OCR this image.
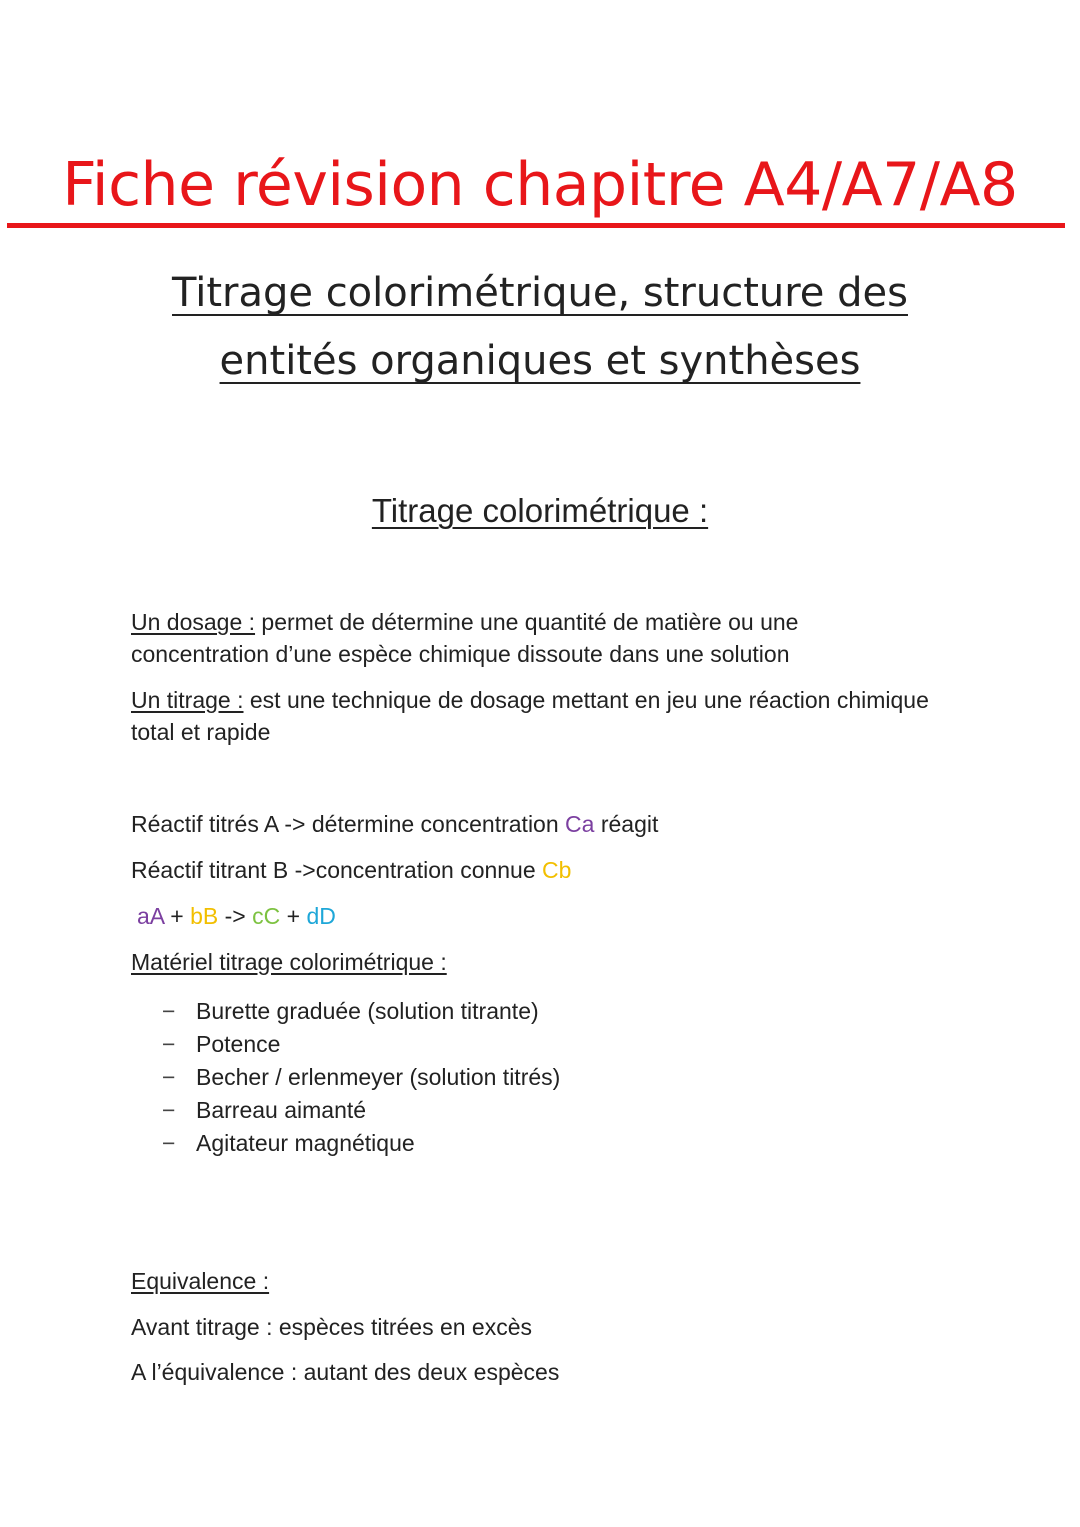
Fiche révision chapitre A4/A7/A8
Titrage colorimétrique, structure des
entités organiques et synthèses
Titrage colorimétrique :
Un dosage : permet de détermine une quantité de matière ou une concentration d’une espèce chimique dissoute dans une solution
Un titrage : est une technique de dosage mettant en jeu une réaction chimique total et rapide
Réactif titrés A -> détermine concentration Ca réagit
Réactif titrant B ->concentration connue Cb
aA + bB -> cC + dD
Matériel titrage colorimétrique :
− Burette graduée (solution titrante)
− Potence
− Becher / erlenmeyer (solution titrés)
− Barreau aimanté
− Agitateur magnétique
Equivalence :
Avant titrage : espèces titrées en excès
A l’équivalence : autant des deux espèces
